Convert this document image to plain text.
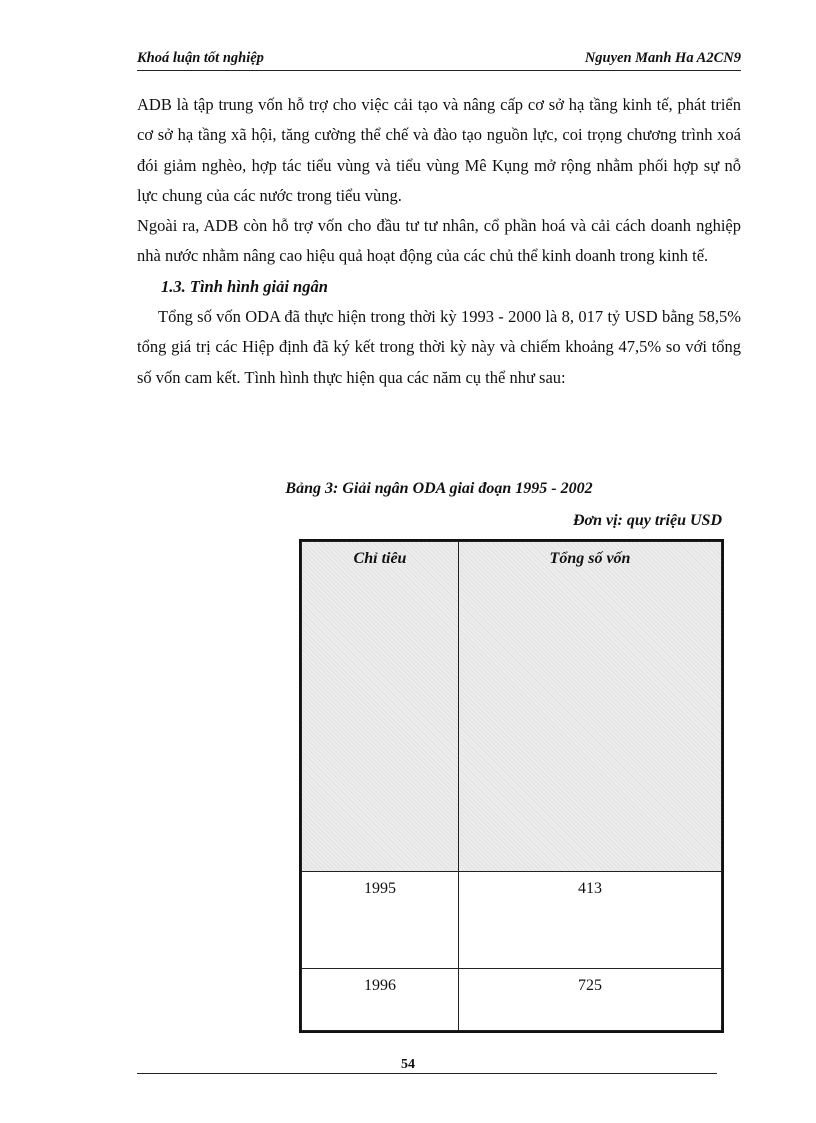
Khoá luận tốt nghiệp	Nguyen Manh Ha A2CN9

ADB là tập trung vốn hỗ trợ cho việc cải tạo và nâng cấp cơ sở hạ tầng kinh tế, phát triển cơ sở hạ tầng xã hội, tăng cường thể chế và đào tạo nguồn lực, coi trọng chương trình xoá đói giảm nghèo, hợp tác tiểu vùng và tiểu vùng Mê Kụng mở rộng nhằm phối hợp sự nỗ lực chung của các nước trong tiểu vùng.

Ngoài ra, ADB còn hỗ trợ vốn cho đầu tư tư nhân, cổ phần hoá và cải cách doanh nghiệp nhà nước nhằm nâng cao hiệu quả hoạt động của các chủ thể kinh doanh trong kinh tế.

1.3. Tình hình giải ngân

Tổng số vốn ODA đã thực hiện trong thời kỳ 1993 - 2000 là 8, 017 tỷ USD bằng 58,5% tổng giá trị các Hiệp định đã ký kết trong thời kỳ này và chiếm khoảng 47,5% so với tổng số vốn cam kết. Tình hình thực hiện qua các năm cụ thể như sau:

Bảng 3: Giải ngân ODA giai đoạn 1995 - 2002
Đơn vị: quy triệu USD
Chỉ tiêu	Tổng số vốn
1995	413
1996	725
54
